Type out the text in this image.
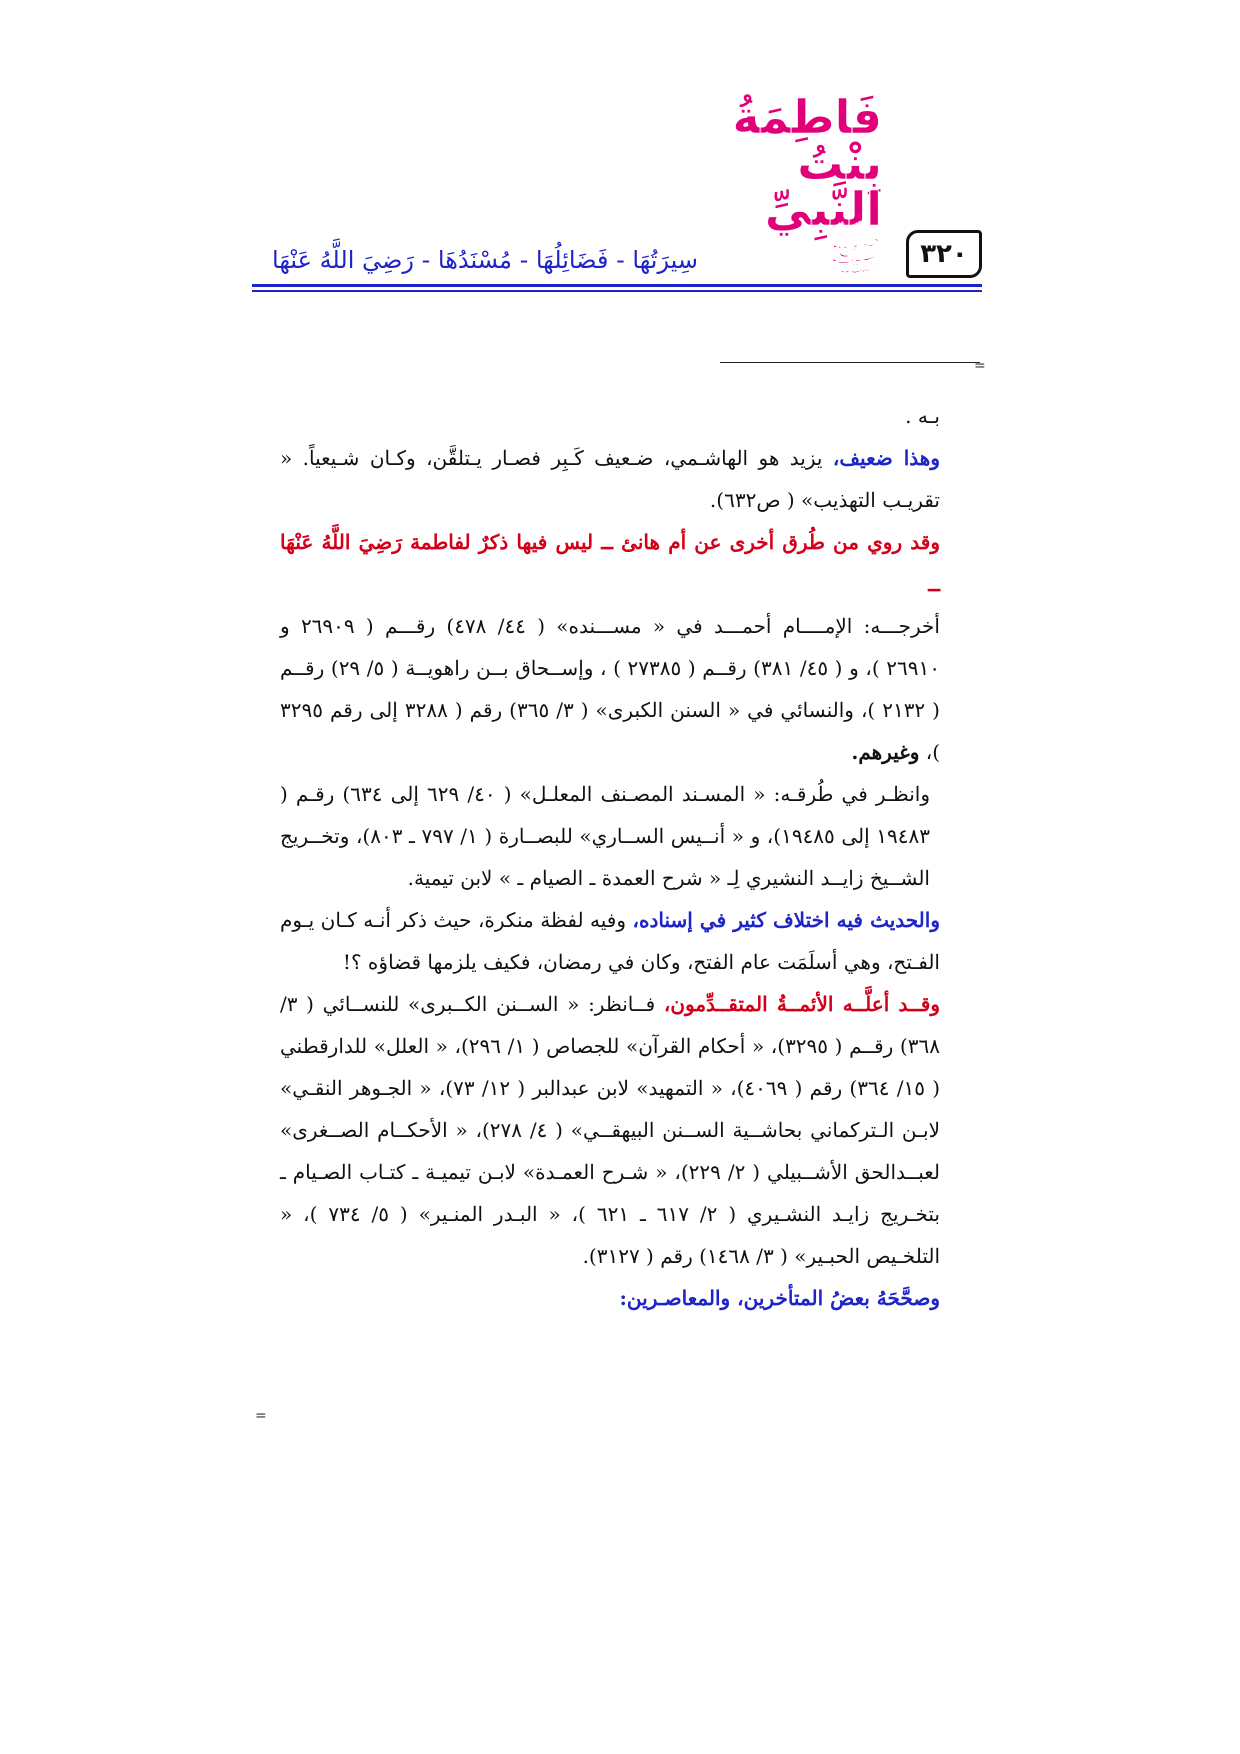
٣٢٠
فَاطِمَةُ بِنْتُ النَّبِيِّ ﷺ
سِيرَتُهَا - فَضَائِلُهَا - مُسْنَدُهَا - رَضِيَ اللَّهُ عَنْهَا
=

بـه .

وهذا ضعيف، يزيد هو الهاشـمي، ضـعيف كَـبِر فصـار يـتلقَّن، وكـان شـيعياً. « تقريـب التهذيب» ( ص٦٣٢).

وقد روي من طُرق أخرى عن أم هانئ ــ ليس فيها ذكرٌ لفاطمة رَضِيَ اللَّهُ عَنْهَا ــ

أخرجـــه: الإمــــام أحمـــد في « مســـنده» ( ٤٤/ ٤٧٨) رقـــم ( ٢٦٩٠٩ و ٢٦٩١٠ )، و ( ٤٥/ ٣٨١) رقــم ( ٢٧٣٨٥ ) ، وإســحاق بــن راهويــة ( ٥/ ٢٩) رقــم ( ٢١٣٢ )، والنسائي في « السنن الكبرى» ( ٣/ ٣٦٥) رقم ( ٣٢٨٨ إلى رقم ٣٢٩٥ )، وغيرهم.

وانظـر في طُرقـه: « المسـند المصـنف المعلـل» ( ٤٠/ ٦٢٩ إلى ٦٣٤) رقـم ( ١٩٤٨٣ إلى ١٩٤٨٥)، و « أنــيس الســاري» للبصــارة ( ١/ ٧٩٧ ـ ٨٠٣)، وتخــريج الشــيخ زايــد النشيري لِـ « شرح العمدة ـ الصيام ـ » لابن تيمية.

والحديث فيه اختلاف كثير في إسناده، وفيه لفظة منكرة، حيث ذكر أنـه كـان يـوم الفـتح، وهي أسلَمَت عام الفتح، وكان في رمضان، فكيف يلزمها قضاؤه ؟!

وقــد أعلَّــه الأئمــةُ المتقــدِّمون، فــانظر: « الســنن الكــبرى» للنســائي ( ٣/ ٣٦٨) رقــم ( ٣٢٩٥)، « أحكام القرآن» للجصاص ( ١/ ٢٩٦)، « العلل» للدارقطني ( ١٥/ ٣٦٤) رقم ( ٤٠٦٩)، « التمهيد» لابن عبدالبر ( ١٢/ ٧٣)، « الجـوهر النقـي» لابـن الـتركماني بحاشــية الســنن البيهقــي» ( ٤/ ٢٧٨)، « الأحكــام الصــغرى» لعبــدالحق الأشــبيلي ( ٢/ ٢٢٩)، « شـرح العمـدة» لابـن تيميـة ـ كتـاب الصـيام ـ بتخـريج زايـد النشـيري ( ٢/ ٦١٧ ـ ٦٢١ )، « البـدر المنـير» ( ٥/ ٧٣٤ )، « التلخـيص الحبـير» ( ٣/ ١٤٦٨) رقم ( ٣١٢٧).

وصحَّحَهُ بعضُ المتأخرين، والمعاصـرين:

=
